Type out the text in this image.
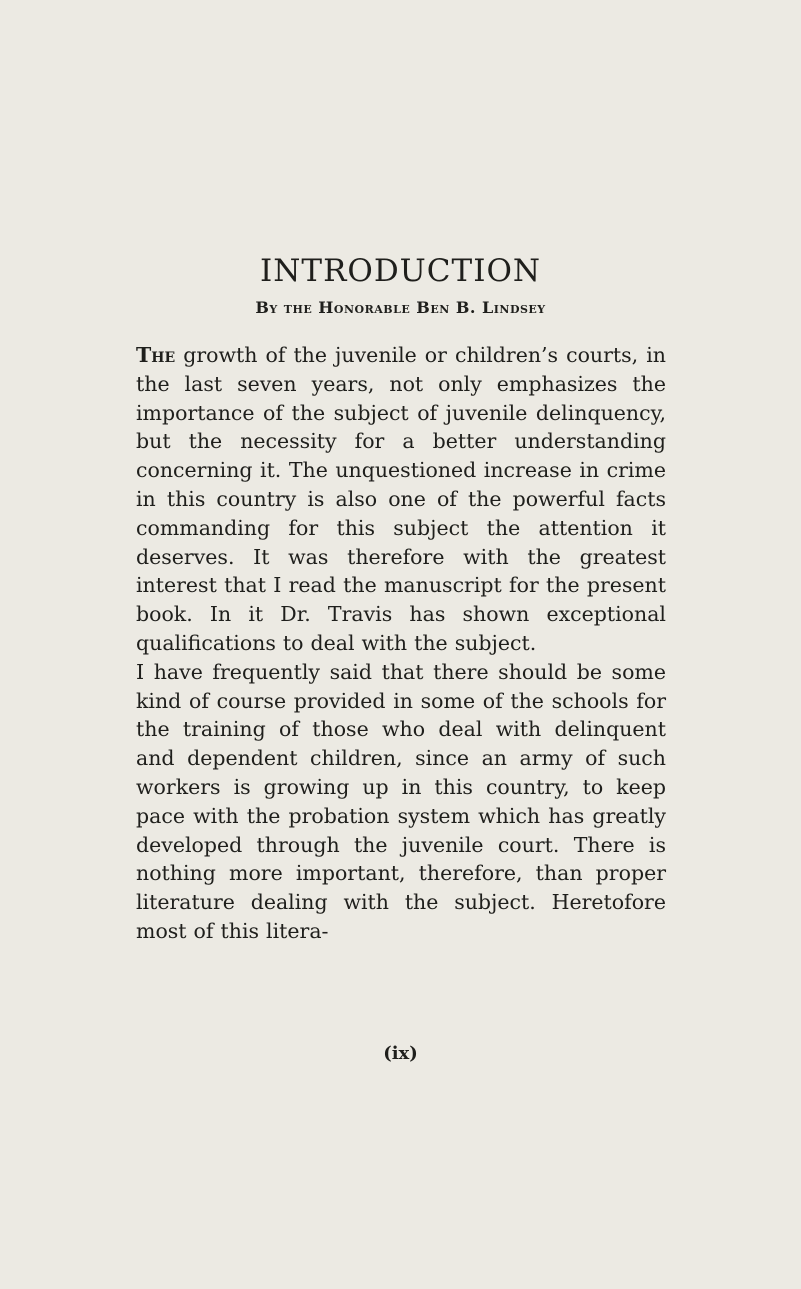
INTRODUCTION
By the Honorable Ben B. Lindsey

The growth of the juvenile or children’s courts, in the last seven years, not only emphasizes the importance of the subject of juvenile delinquency, but the necessity for a better understanding concerning it. The unquestioned increase in crime in this country is also one of the powerful facts commanding for this subject the attention it deserves. It was therefore with the greatest interest that I read the manuscript for the present book. In it Dr. Travis has shown exceptional qualifications to deal with the subject.

I have frequently said that there should be some kind of course provided in some of the schools for the training of those who deal with delinquent and dependent children, since an army of such workers is growing up in this country, to keep pace with the probation system which has greatly developed through the juvenile court. There is nothing more important, therefore, than proper literature dealing with the subject. Heretofore most of this litera-

(ix)
